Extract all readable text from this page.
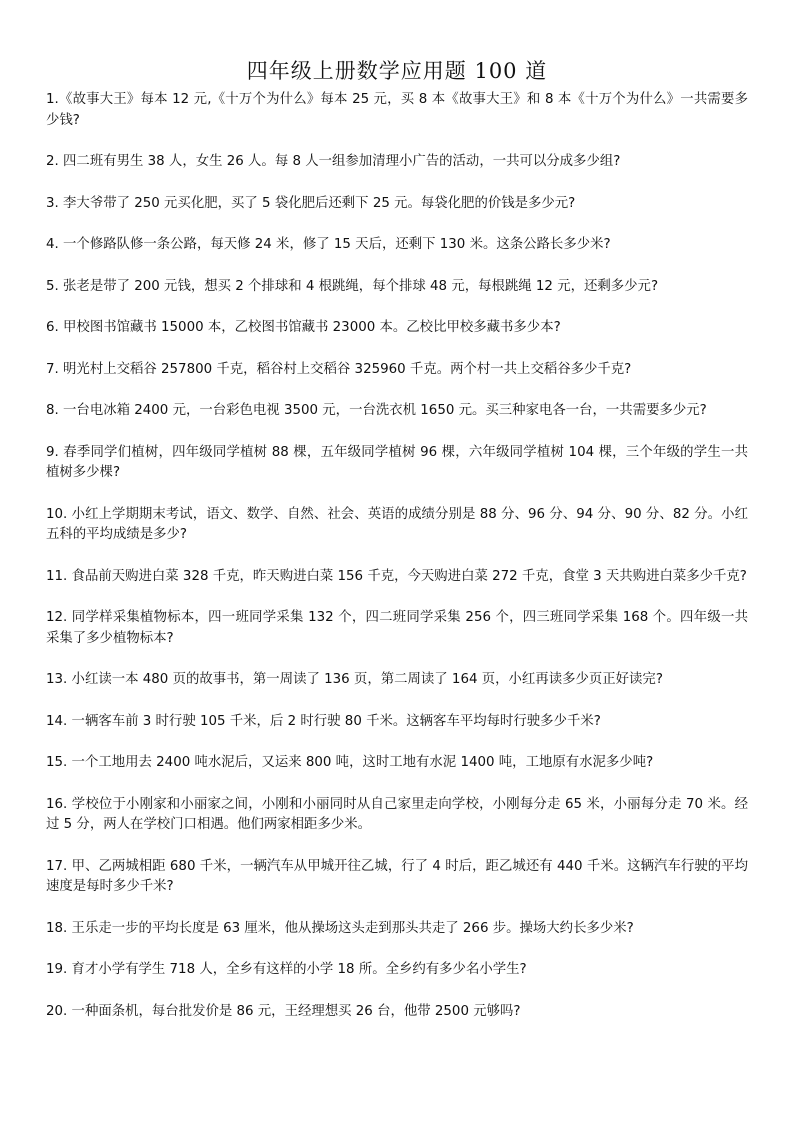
四年级上册数学应用题 100 道
1.《故事大王》每本 12 元,《十万个为什么》每本 25 元，买 8 本《故事大王》和 8 本《十万个为什么》一共需要多少钱?
2. 四二班有男生 38 人，女生 26 人。每 8 人一组参加清理小广告的活动，一共可以分成多少组?
3. 李大爷带了 250 元买化肥，买了 5 袋化肥后还剩下 25 元。每袋化肥的价钱是多少元?
4. 一个修路队修一条公路，每天修 24 米，修了 15 天后，还剩下 130 米。这条公路长多少米?
5. 张老是带了 200 元钱，想买 2 个排球和 4 根跳绳，每个排球 48 元，每根跳绳 12 元，还剩多少元?
6. 甲校图书馆藏书 15000 本，乙校图书馆藏书 23000 本。乙校比甲校多藏书多少本?
7. 明光村上交稻谷 257800 千克，稻谷村上交稻谷 325960 千克。两个村一共上交稻谷多少千克?
8. 一台电冰箱 2400 元，一台彩色电视 3500 元，一台洗衣机 1650 元。买三种家电各一台，一共需要多少元?
9. 春季同学们植树，四年级同学植树 88 棵，五年级同学植树 96 棵，六年级同学植树 104 棵，三个年级的学生一共植树多少棵?
10. 小红上学期期末考试，语文、数学、自然、社会、英语的成绩分别是 88 分、96 分、94 分、90 分、82 分。小红五科的平均成绩是多少?
11. 食品前天购进白菜 328 千克，昨天购进白菜 156 千克，今天购进白菜 272 千克，食堂 3 天共购进白菜多少千克?
12. 同学样采集植物标本，四一班同学采集 132 个，四二班同学采集 256 个，四三班同学采集 168 个。四年级一共采集了多少植物标本?
13. 小红读一本 480 页的故事书，第一周读了 136 页，第二周读了 164 页，小红再读多少页正好读完?
14. 一辆客车前 3 时行驶 105 千米，后 2 时行驶 80 千米。这辆客车平均每时行驶多少千米?
15. 一个工地用去 2400 吨水泥后，又运来 800 吨，这时工地有水泥 1400 吨，工地原有水泥多少吨?
16. 学校位于小刚家和小丽家之间，小刚和小丽同时从自己家里走向学校，小刚每分走 65 米，小丽每分走 70 米。经过 5 分，两人在学校门口相遇。他们两家相距多少米。
17. 甲、乙两城相距 680 千米，一辆汽车从甲城开往乙城，行了 4 时后，距乙城还有 440 千米。这辆汽车行驶的平均速度是每时多少千米?
18. 王乐走一步的平均长度是 63 厘米，他从操场这头走到那头共走了 266 步。操场大约长多少米?
19. 育才小学有学生 718 人，全乡有这样的小学 18 所。全乡约有多少名小学生?
20. 一种面条机，每台批发价是 86 元，王经理想买 26 台，他带 2500 元够吗?
